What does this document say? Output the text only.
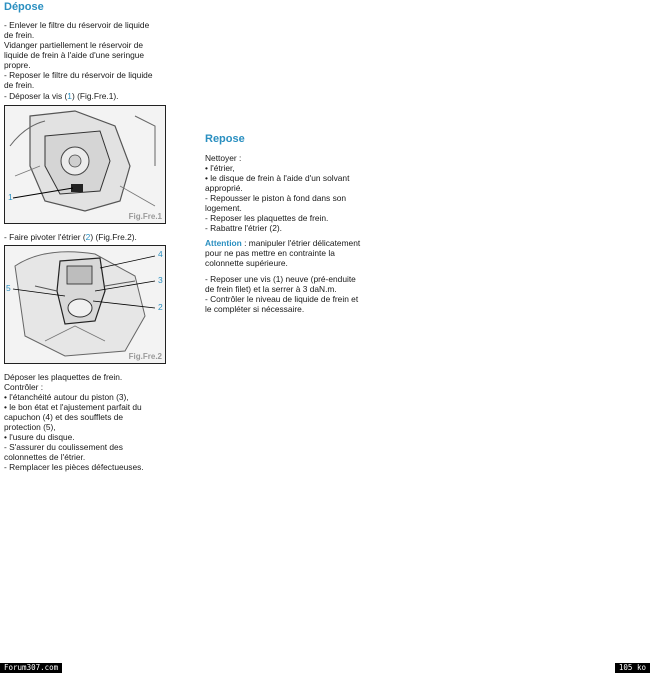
Dépose
- Enlever le filtre du réservoir de liquide
de frein.
Vidanger partiellement le réservoir de
liquide de frein à l'aide d'une seringue
propre.
- Reposer le filtre du réservoir de liquide
de frein.
- Déposer la vis (1) (Fig.Fre.1).
1
Fig.Fre.1
- Faire pivoter l'étrier (2) (Fig.Fre.2).
4
5
3
2
Fig.Fre.2
Déposer les plaquettes de frein.
Contrôler :
• l'étanchéité autour du piston (3),
• le bon état et l'ajustement parfait du
capuchon (4) et des soufflets de
protection (5),
• l'usure du disque.
- S'assurer du coulissement des
colonnettes de l'étrier.
- Remplacer les pièces défectueuses.
Repose
Nettoyer :
• l'étrier,
• le disque de frein à l'aide d'un solvant
approprié.
- Repousser le piston à fond dans son
logement.
- Reposer les plaquettes de frein.
- Rabattre l'étrier (2).
Attention : manipuler l'étrier délicatement
pour ne pas mettre en contrainte la
colonnette supérieure.
- Reposer une vis (1) neuve (pré-enduite
de frein filet) et la serrer à 3 daN.m.
- Contrôler le niveau de liquide de frein et
le compléter si nécessaire.
Forum307.com	105 ko
